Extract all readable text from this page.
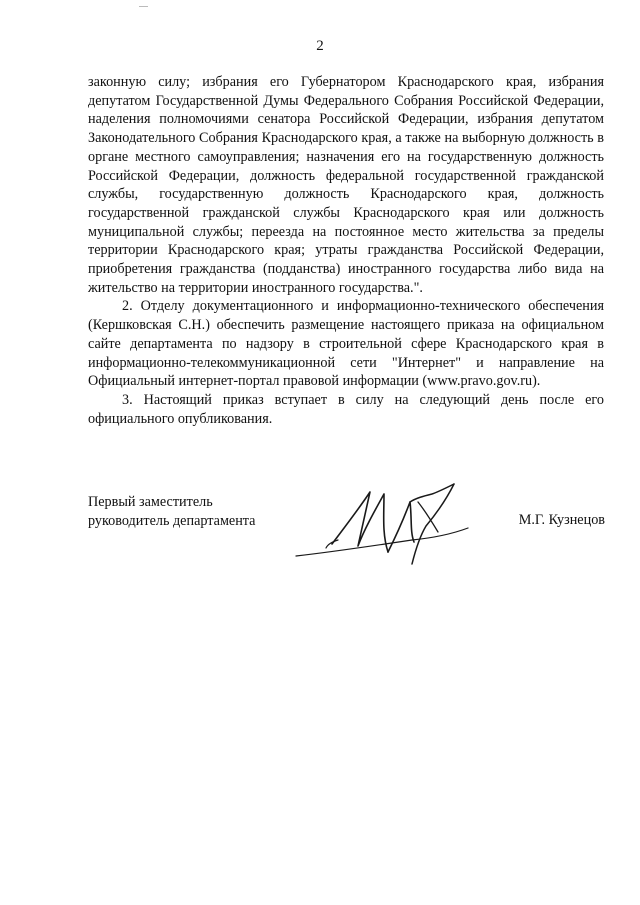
2

законную силу; избрания его Губернатором Краснодарского края, избрания депутатом Государственной Думы Федерального Собрания Российской Федерации, наделения полномочиями сенатора Российской Федерации, избрания депутатом Законодательного Собрания Краснодарского края, а также на выборную должность в органе местного самоуправления; назначения его на государственную должность Российской Федерации, должность федеральной государственной гражданской службы, государственную должность Краснодарского края, должность государственной гражданской службы Краснодарского края или должность муниципальной службы; переезда на постоянное место жительства за пределы территории Краснодарского края; утраты гражданства Российской Федерации, приобретения гражданства (подданства) иностранного государства либо вида на жительство на территории иностранного государства.".

2. Отделу документационного и информационно-технического обеспечения (Кершковская С.Н.) обеспечить размещение настоящего приказа на официальном сайте департамента по надзору в строительной сфере Краснодарского края в информационно-телекоммуникационной сети "Интернет" и направление на Официальный интернет-портал правовой информации (www.pravo.gov.ru).

3. Настоящий приказ вступает в силу на следующий день после его официального опубликования.

Первый заместитель
руководитель департамента	М.Г. Кузнецов
